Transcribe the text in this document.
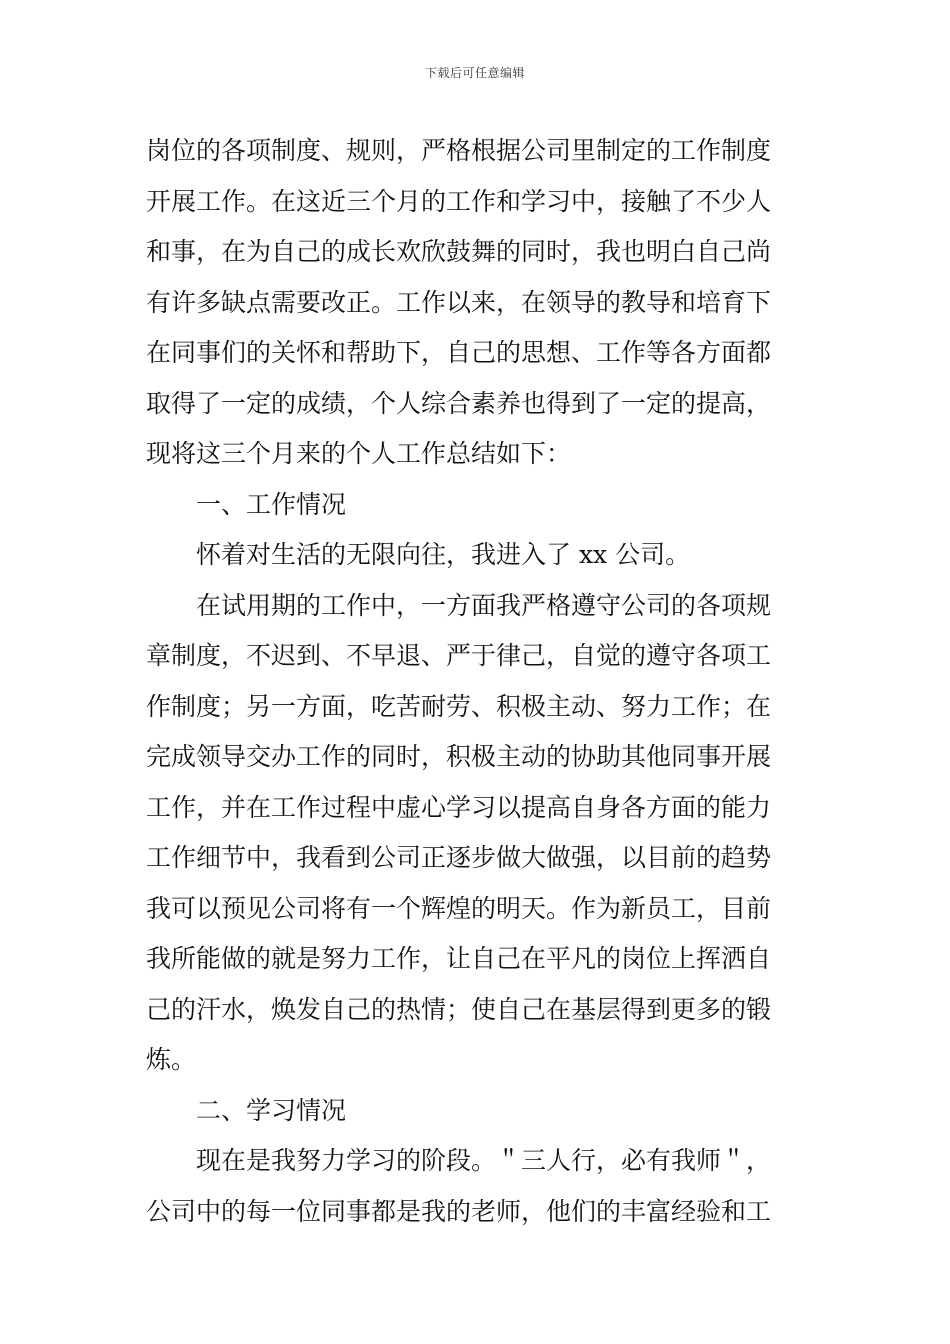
下载后可任意编辑
岗位的各项制度、规则，严格根据公司里制定的工作制度
开展工作。在这近三个月的工作和学习中，接触了不少人
和事，在为自己的成长欢欣鼓舞的同时，我也明白自己尚
有许多缺点需要改正。工作以来，在领导的教导和培育下
在同事们的关怀和帮助下，自己的思想、工作等各方面都
取得了一定的成绩，个人综合素养也得到了一定的提高，
现将这三个月来的个人工作总结如下：
一、工作情况
怀着对生活的无限向往，我进入了 xx 公司。
在试用期的工作中，一方面我严格遵守公司的各项规
章制度，不迟到、不早退、严于律己，自觉的遵守各项工
作制度；另一方面，吃苦耐劳、积极主动、努力工作；在
完成领导交办工作的同时，积极主动的协助其他同事开展
工作，并在工作过程中虚心学习以提高自身各方面的能力
工作细节中，我看到公司正逐步做大做强，以目前的趋势
我可以预见公司将有一个辉煌的明天。作为新员工，目前
我所能做的就是努力工作，让自己在平凡的岗位上挥洒自
己的汗水，焕发自己的热情；使自己在基层得到更多的锻
炼。
二、学习情况
现在是我努力学习的阶段。＂三人行，必有我师＂，
公司中的每一位同事都是我的老师，他们的丰富经验和工
